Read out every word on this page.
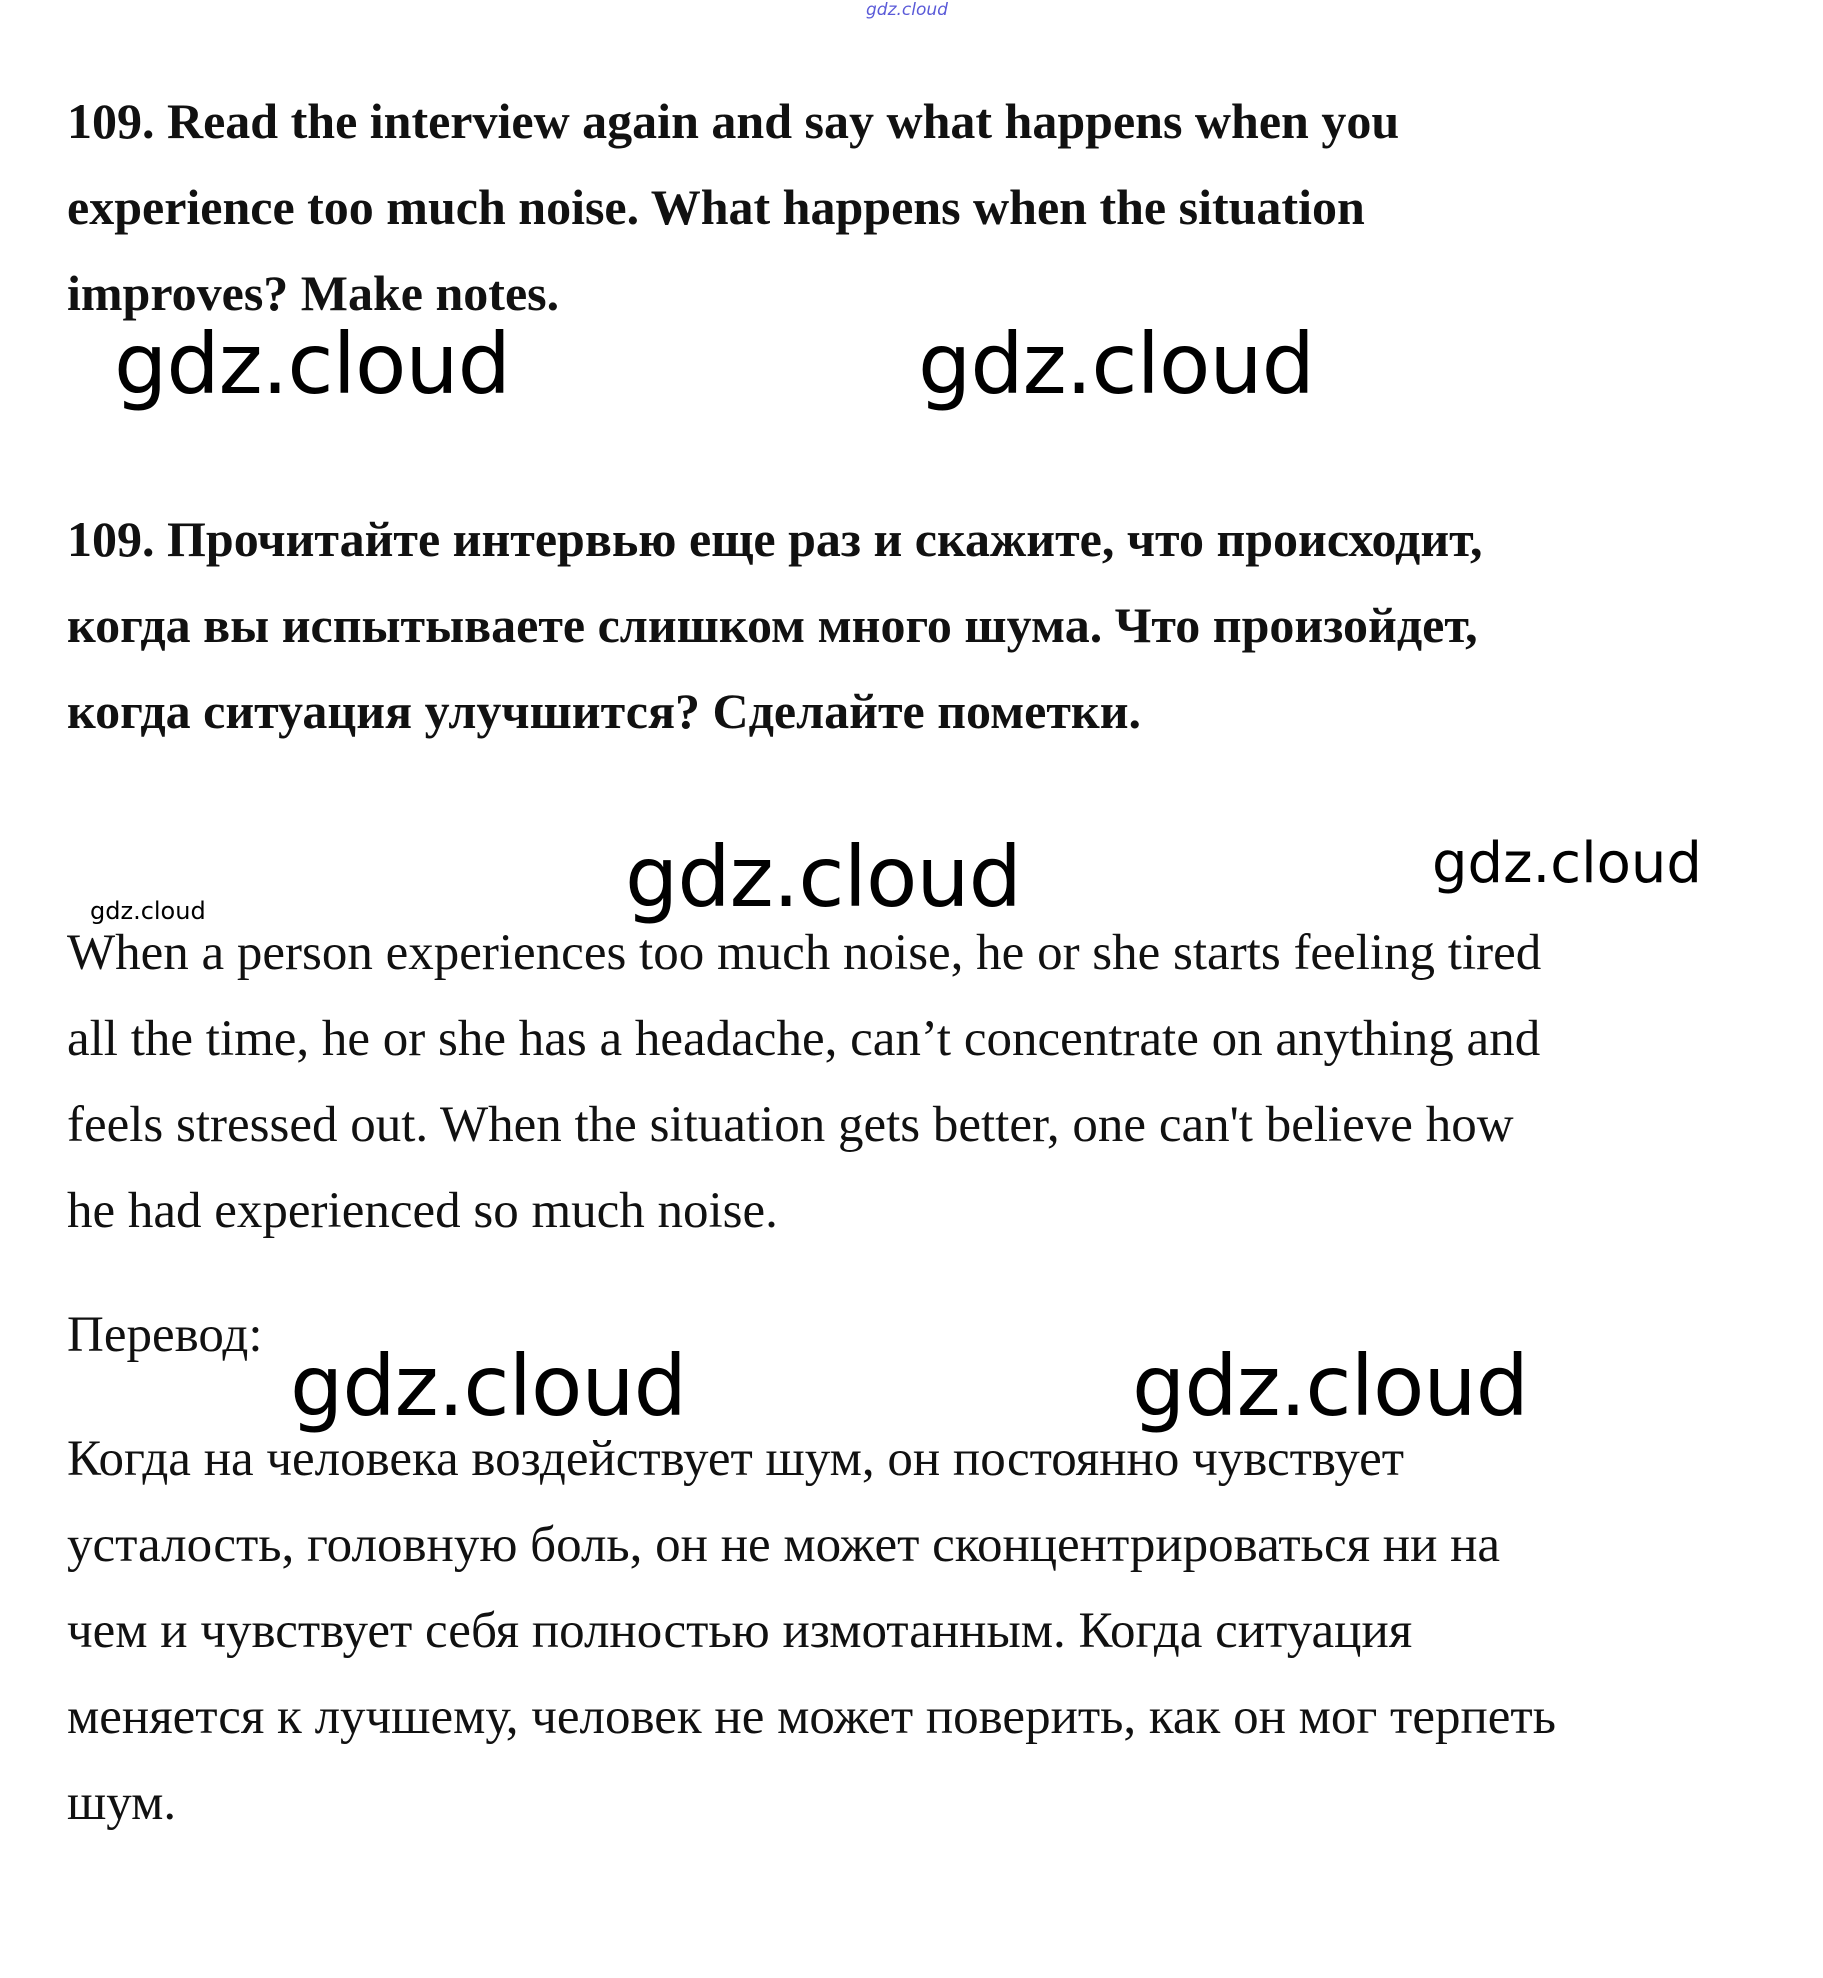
gdz.cloud
gdz.cloud	gdz.cloud
gdz.cloud	gdz.cloud
gdz.cloud
gdz.cloud	gdz.cloud
109. Read the interview again and say what happens when you
experience too much noise. What happens when the situation
improves? Make notes.
109. Прочитайте интервью еще раз и скажите, что происходит,
когда вы испытываете слишком много шума. Что произойдет,
когда ситуация улучшится? Сделайте пометки.
When a person experiences too much noise, he or she starts feeling tired
all the time, he or she has a headache, can’t concentrate on anything and
feels stressed out. When the situation gets better, one can't believe how
he had experienced so much noise.
Перевод:
Когда на человека воздействует шум, он постоянно чувствует
усталость, головную боль, он не может сконцентрироваться ни на
чем и чувствует себя полностью измотанным. Когда ситуация
меняется к лучшему, человек не может поверить, как он мог терпеть
шум.
